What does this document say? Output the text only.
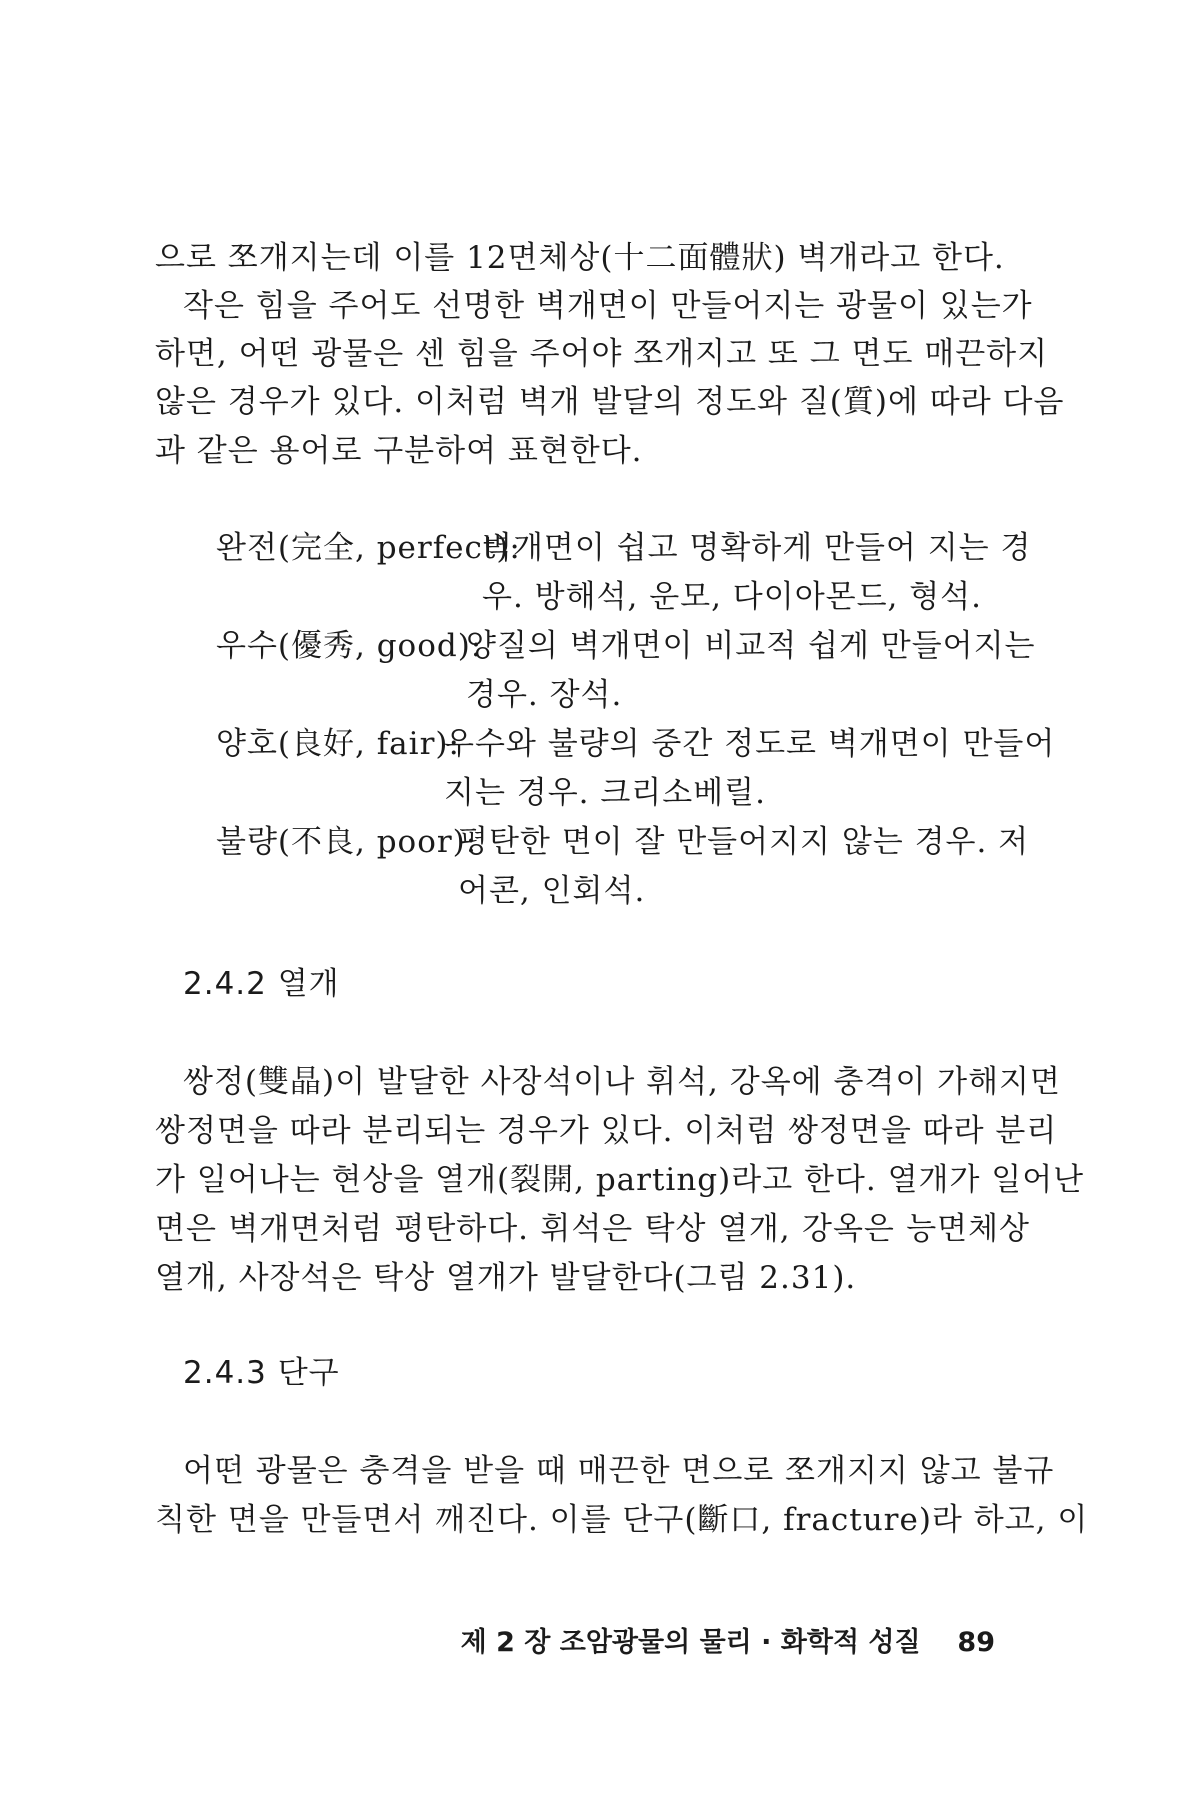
으로 쪼개지는데 이를 12면체상(十二面體狀) 벽개라고 한다.
작은 힘을 주어도 선명한 벽개면이 만들어지는 광물이 있는가
하면, 어떤 광물은 센 힘을 주어야 쪼개지고 또 그 면도 매끈하지
않은 경우가 있다. 이처럼 벽개 발달의 정도와 질(質)에 따라 다음
과 같은 용어로 구분하여 표현한다.
완전(完全, perfect):
벽개면이 쉽고 명확하게 만들어 지는 경
우. 방해석, 운모, 다이아몬드, 형석.
우수(優秀, good):
양질의 벽개면이 비교적 쉽게 만들어지는
경우. 장석.
양호(良好, fair):
우수와 불량의 중간 정도로 벽개면이 만들어
지는 경우. 크리소베릴.
불량(不良, poor):
평탄한 면이 잘 만들어지지 않는 경우. 저
어콘, 인회석.
2.4.2 열개
쌍정(雙晶)이 발달한 사장석이나 휘석, 강옥에 충격이 가해지면
쌍정면을 따라 분리되는 경우가 있다. 이처럼 쌍정면을 따라 분리
가 일어나는 현상을 열개(裂開, parting)라고 한다. 열개가 일어난
면은 벽개면처럼 평탄하다. 휘석은 탁상 열개, 강옥은 능면체상
열개, 사장석은 탁상 열개가 발달한다(그림 2.31).
2.4.3 단구
어떤 광물은 충격을 받을 때 매끈한 면으로 쪼개지지 않고 불규
칙한 면을 만들면서 깨진다. 이를 단구(斷口, fracture)라 하고, 이
제 2 장 조암광물의 물리 · 화학적 성질 89
